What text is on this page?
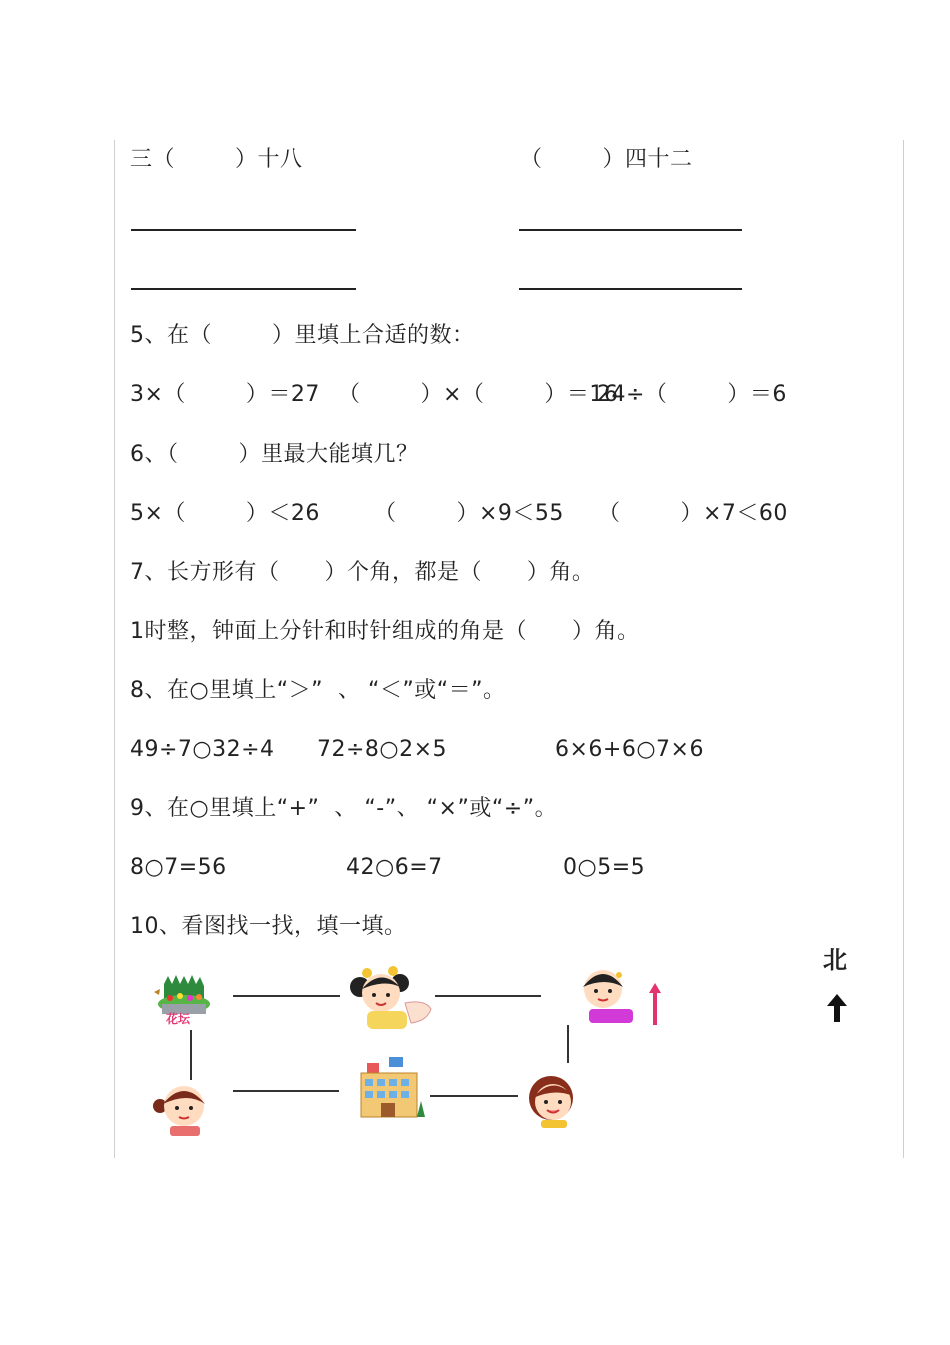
三（        ）十八	（        ）四十二
5、在（        ）里填上合适的数：
3×（        ）＝27 （        ）×（        ）＝16
24÷（        ）＝6
6、（        ）里最大能填几？
5×（        ）＜26 （        ）×9＜55 （        ）×7＜60
7、长方形有（      ）个角，都是（      ）角。
1时整，钟面上分针和时针组成的角是（      ）角。
8、在○里填上“＞”  、 “＜”或“＝”。
49÷7○32÷4 72÷8○2×5	6×6+6○7×6
9、在○里填上“+”  、 “-”、 “×”或“÷”。
8○7=56	42○6=7	0○5=5
10、看图找一找，填一填。
北
花坛
